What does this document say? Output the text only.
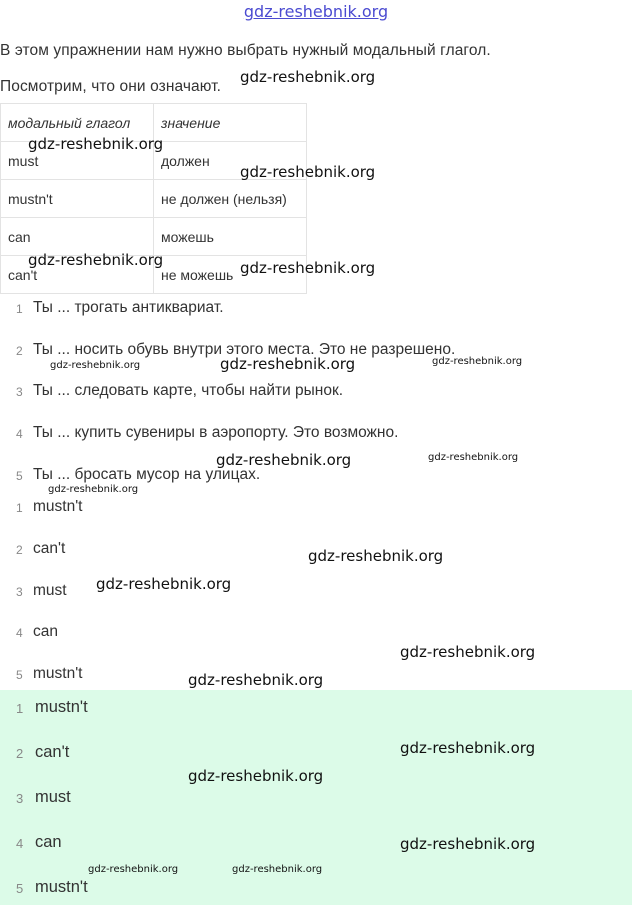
gdz-reshebnik.org
В этом упражнении нам нужно выбрать нужный модальный глагол.
Посмотрим, что они означают.
модальный глагол	значение
must	должен
mustn't	не должен (нельзя)
can	можешь
can't	не можешь
1 Ты ... трогать антиквариат.
2 Ты ... носить обувь внутри этого места. Это не разрешено.
3 Ты ... следовать карте, чтобы найти рынок.
4 Ты ... купить сувениры в аэропорту. Это возможно.
5 Ты ... бросать мусор на улицах.
1 mustn't
2 can't
3 must
4 can
5 mustn't
1 mustn't
2 can't
3 must
4 can
5 mustn't
gdz-reshebnik.org
gdz-reshebnik.org
gdz-reshebnik.org
gdz-reshebnik.org	gdz-reshebnik.org
gdz-reshebnik.org	gdz-reshebnik.org	gdz-reshebnik.org
gdz-reshebnik.org	gdz-reshebnik.org
gdz-reshebnik.org
gdz-reshebnik.org
gdz-reshebnik.org
gdz-reshebnik.org
gdz-reshebnik.org
gdz-reshebnik.org
gdz-reshebnik.org
gdz-reshebnik.org
gdz-reshebnik.org	gdz-reshebnik.org
